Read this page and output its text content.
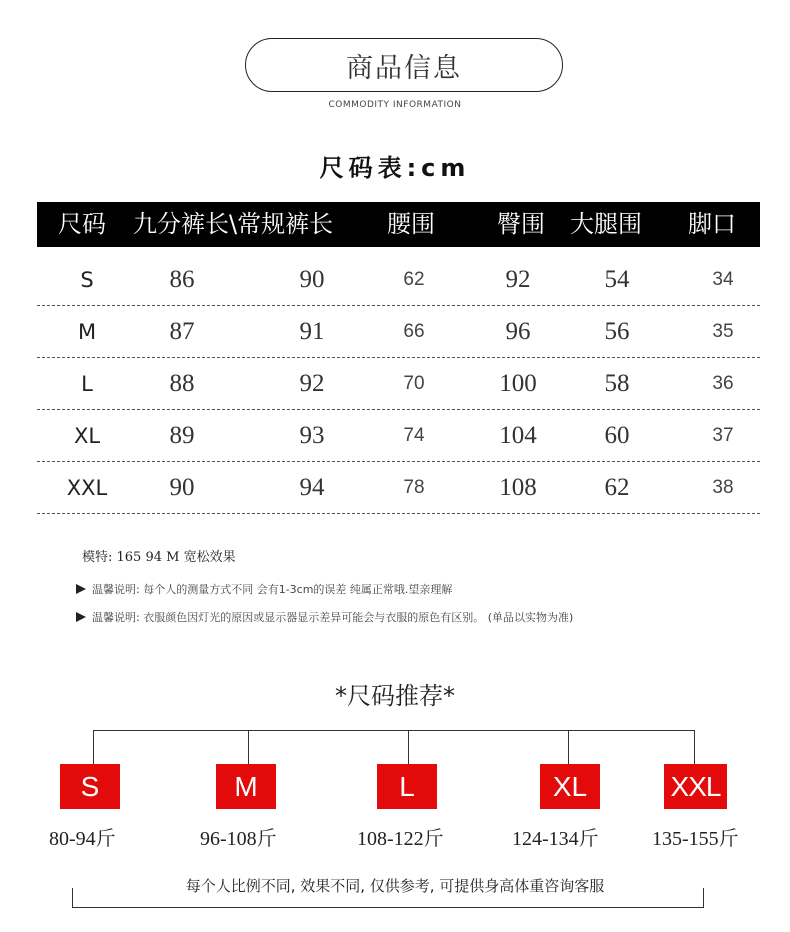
商品信息
COMMODITY INFORMATION
尺码表:cm
尺码 九分裤长\常规裤长 腰围	臀围 大腿围 脚口
S	86	90	62	92	54	34
M	87	91	66	96	56	35
L	88	92	70	100	58	36
XL	89	93	74	104	60	37
XXL	90	94	78	108	62	38
模特: 165 94 M 宽松效果
温馨说明: 每个人的测量方式不同 会有1-3cm的误差 纯属正常哦.望亲理解
温馨说明: 衣服颜色因灯光的原因或显示器显示差异可能会与衣服的原色有区别。 (单品以实物为准)
*尺码推荐*
S	M	L	XL	XXL
80-94斤	96-108斤	108-122斤	124-134斤	135-155斤
每个人比例不同, 效果不同, 仅供参考, 可提供身高体重咨询客服
